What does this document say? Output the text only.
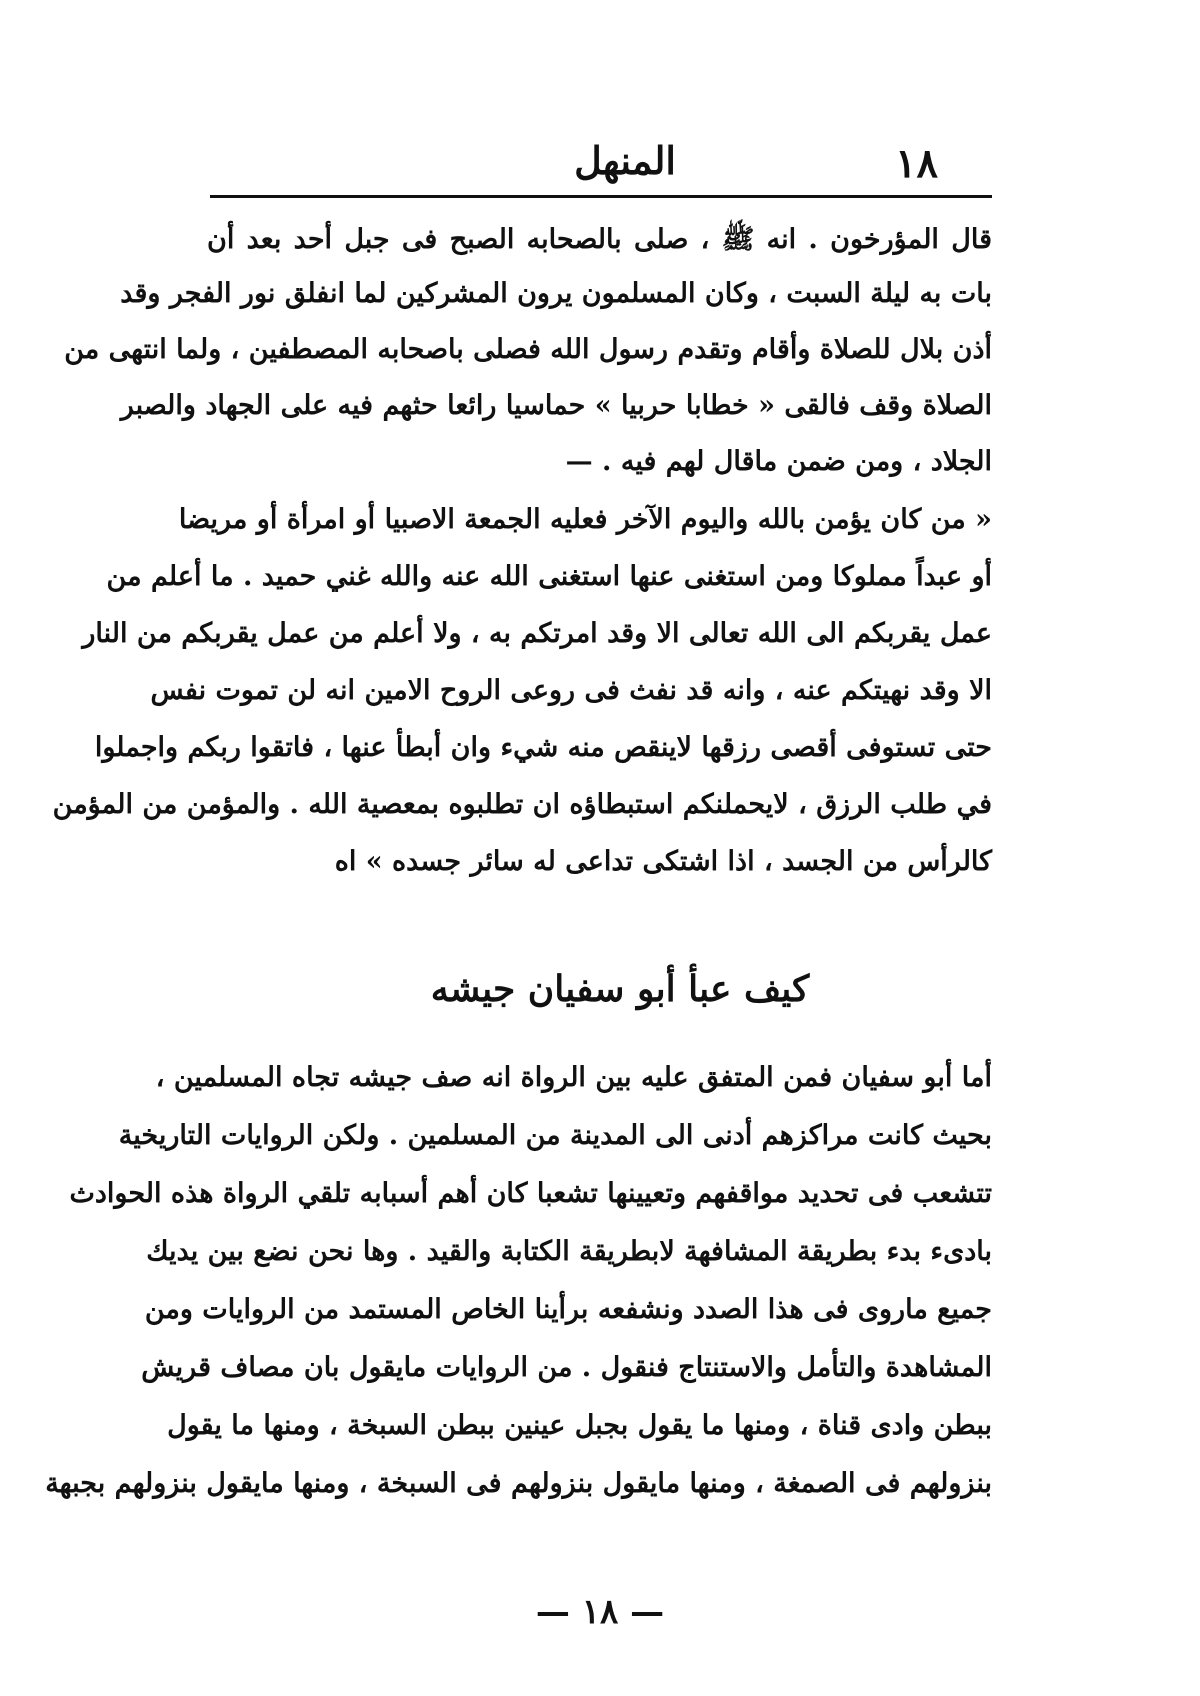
١٨
المنهل
قال المؤرخون . انه ﷺ ، صلى بالصحابه الصبح فى جبل أحد بعد أن
بات به ليلة السبت ، وكان المسلمون يرون المشركين لما انفلق نور الفجر وقد
أذن بلال للصلاة وأقام وتقدم رسول الله فصلى باصحابه المصطفين ، ولما انتهى من
الصلاة وقف فالقى « خطابا حربيا » حماسيا رائعا حثهم فيه على الجهاد والصبر
الجلاد ، ومن ضمن ماقال لهم فيه . —
« من كان يؤمن بالله واليوم الآخر فعليه الجمعة الاصبيا أو امرأة أو مريضا
أو عبداً مملوكا ومن استغنى عنها استغنى الله عنه والله غني حميد . ما أعلم من
عمل يقربكم الى الله تعالى الا وقد امرتكم به ، ولا أعلم من عمل يقربكم من النار
الا وقد نهيتكم عنه ، وانه قد نفث فى روعى الروح الامين انه لن تموت نفس
حتى تستوفى أقصى رزقها لاينقص منه شيء وان أبطأ عنها ، فاتقوا ربكم واجملوا
في طلب الرزق ، لايحملنكم استبطاؤه ان تطلبوه بمعصية الله . والمؤمن من المؤمن
كالرأس من الجسد ، اذا اشتكى تداعى له سائر جسده » اه
كيف عبأ أبو سفيان جيشه
أما أبو سفيان فمن المتفق عليه بين الرواة انه صف جيشه تجاه المسلمين ،
بحيث كانت مراكزهم أدنى الى المدينة من المسلمين . ولكن الروايات التاريخية
تتشعب فى تحديد مواقفهم وتعيينها تشعبا كان أهم أسبابه تلقي الرواة هذه الحوادث
بادىء بدء بطريقة المشافهة لابطريقة الكتابة والقيد . وها نحن نضع بين يديك
جميع ماروى فى هذا الصدد ونشفعه برأينا الخاص المستمد من الروايات ومن
المشاهدة والتأمل والاستنتاج فنقول . من الروايات مايقول بان مصاف قريش
ببطن وادى قناة ، ومنها ما يقول بجبل عينين ببطن السبخة ، ومنها ما يقول
بنزولهم فى الصمغة ، ومنها مايقول بنزولهم فى السبخة ، ومنها مايقول بنزولهم بجبهة
— ١٨ —
